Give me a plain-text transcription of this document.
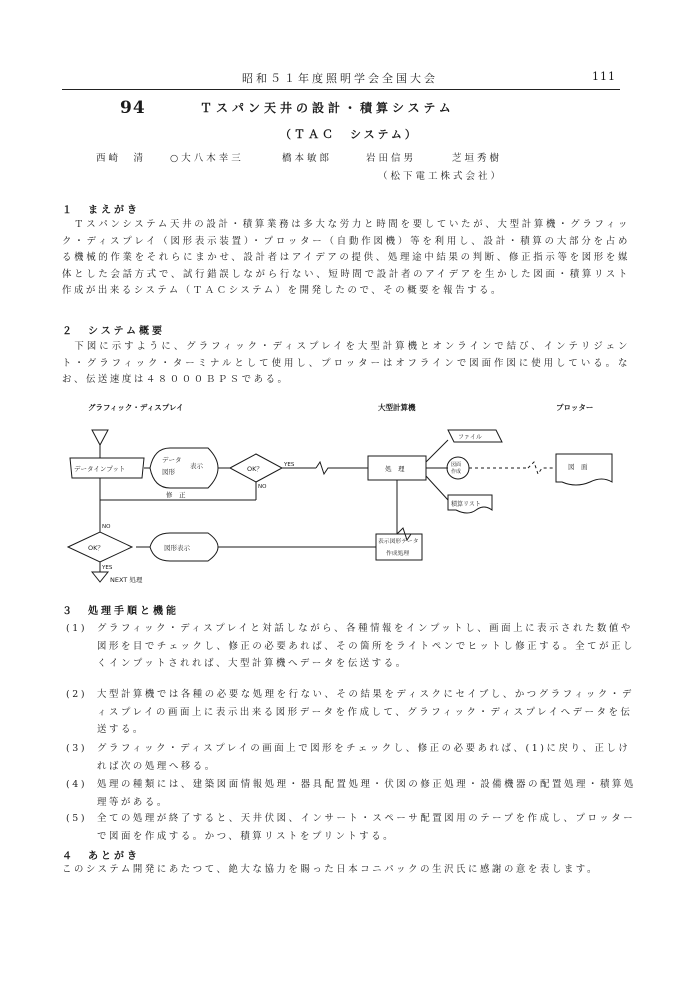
昭和５１年度照明学会全国大会	111
94	Ｔスパン天井の設計・積算システム
（ＴＡＣ　システム）
西崎　清	○大八木幸三	橋本敏郎	岩田信男	芝垣秀樹
（松下電工株式会社）
１　まえがき
　Ｔスパンシステム天井の設計・積算業務は多大な労力と時間を要していたが、大型計算機・グラフィック・ディスプレイ（図形表示装置）・プロッター（自動作図機）等を利用し、設計・積算の大部分を占める機械的作業をそれらにまかせ、設計者はアイデアの提供、処理途中結果の判断、修正指示等を図形を媒体とした会話方式で、試行錯誤しながら行ない、短時間で設計者のアイデアを生かした図面・積算リスト作成が出来るシステム（ＴＡＣシステム）を開発したので、その概要を報告する。
２　システム概要
　下図に示すように、グラフィック・ディスプレイを大型計算機とオンラインで結び、インテリジェント・グラフィック・ターミナルとして使用し、プロッターはオフラインで図面作図に使用している。なお、伝送速度は４８０００ＢＰＳである。
グラフィック・ディスプレイ	大型計算機	プロッター
データインプット
データ
図形
表示	OK？	YES
NO
修　正
処　理
ファイル
図面
作成
積算リスト
図　面
表示図形データ
作成処理
図形表示
OK？
NO
YES
NEXT 処理
３　処理手順と機能
(1) グラフィック・ディスプレイと対話しながら、各種情報をインプットし、画面上に表示された数値や図形を目でチェックし、修正の必要あれば、その箇所をライトペンでヒットし修正する。全てが正しくインプットされれば、大型計算機へデータを伝送する。
(2) 大型計算機では各種の必要な処理を行ない、その結果をディスクにセイブし、かつグラフィック・ディスプレイの画面上に表示出来る図形データを作成して、グラフィック・ディスプレイへデータを伝送する。
(3) グラフィック・ディスプレイの画面上で図形をチェックし、修正の必要あれば、(1)に戻り、正しければ次の処理へ移る。
(4) 処理の種類には、建築図面情報処理・器具配置処理・伏図の修正処理・設備機器の配置処理・積算処理等がある。
(5) 全ての処理が終了すると、天井伏図、インサート・スペーサ配置図用のテープを作成し、プロッターで図面を作成する。かつ、積算リストをプリントする。
４　あとがき
このシステム開発にあたつて、絶大な協力を賜った日本コニパックの生沢氏に感謝の意を表します。
